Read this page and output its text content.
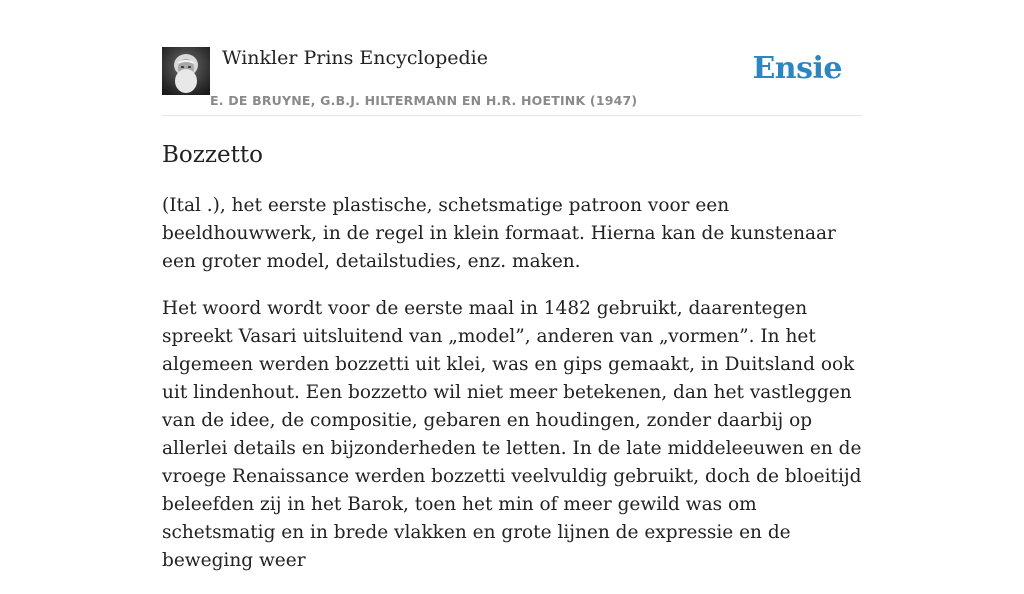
Winkler Prins Encyclopedie
E. DE BRUYNE, G.B.J. HILTERMANN EN H.R. HOETINK (1947)
Ensie
Bozzetto

(Ital .), het eerste plastische, schetsmatige patroon voor een beeldhouwwerk, in de regel in klein formaat. Hierna kan de kunstenaar een groter model, detailstudies, enz. maken.

Het woord wordt voor de eerste maal in 1482 gebruikt, daarentegen spreekt Vasari uitsluitend van „model”, anderen van „vormen”. In het algemeen werden bozzetti uit klei, was en gips gemaakt, in Duitsland ook uit lindenhout. Een bozzetto wil niet meer betekenen, dan het vastleggen van de idee, de compositie, gebaren en houdingen, zonder daarbij op allerlei details en bijzonderheden te letten. In de late middeleeuwen en de vroege Renaissance werden bozzetti veelvuldig gebruikt, doch de bloeitijd beleefden zij in het Barok, toen het min of meer gewild was om schetsmatig en in brede vlakken en grote lijnen de expressie en de beweging weer
